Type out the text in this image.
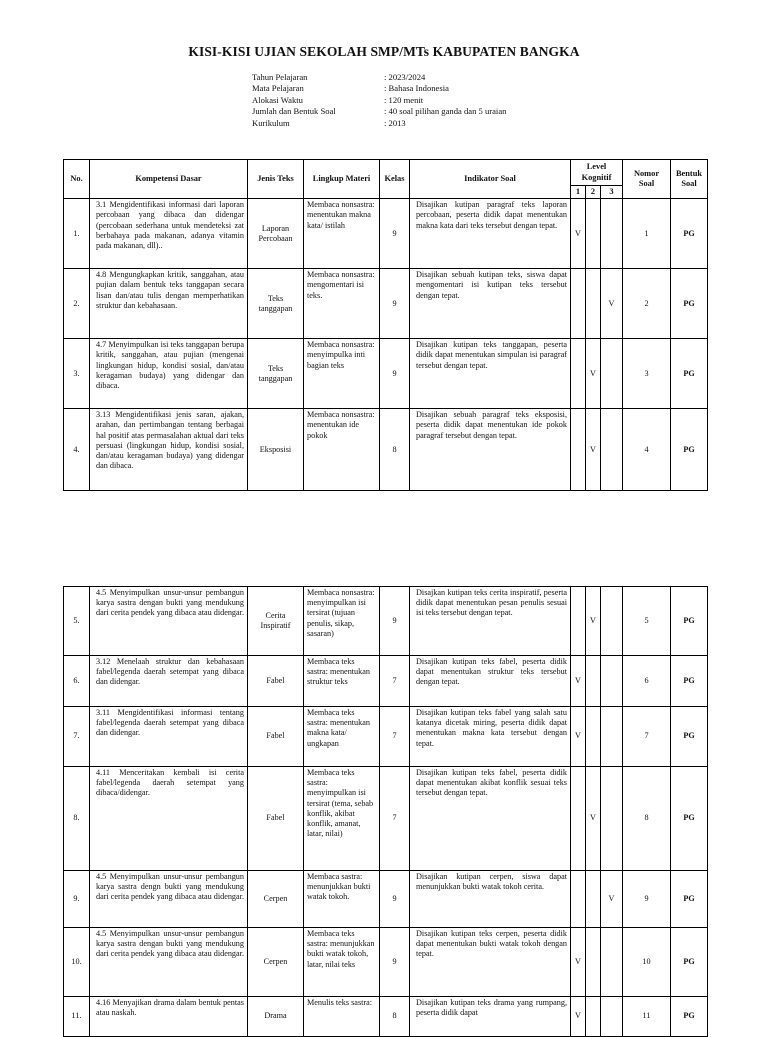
KISI-KISI UJIAN SEKOLAH SMP/MTs KABUPATEN BANGKA
Tahun Pelajaran	: 2023/2024
Mata Pelajaran	: Bahasa Indonesia
Alokasi Waktu	: 120 menit
Jumlah dan Bentuk Soal	: 40 soal pilihan ganda dan 5 uraian
Kurikulum	: 2013
No.	Kompetensi Dasar	Jenis Teks	Lingkup Materi	Kelas	Indikator Soal	Level Kognitif			Nomor Soal	Bentuk Soal
						1	2	3		
1.	3.1 Mengidentifikasi informasi dari laporan percobaan yang dibaca dan didengar (percobaan sederhana untuk mendeteksi zat berbahaya pada makanan, adanya vitamin pada makanan, dll)..	Laporan Percobaan	Membaca nonsastra: menentukan makna kata/ istilah	9	Disajikan kutipan paragraf teks laporan percobaan, peserta didik dapat menentukan makna kata dari teks tersebut dengan tepat.	V			1	PG
2.	4.8 Mengungkapkan kritik, sanggahan, atau pujian dalam bentuk teks tanggapan secara lisan dan/atau tulis dengan memperhatikan struktur dan kebahasaan.	Teks tanggapan	Membaca nonsastra: mengomentari isi teks.	9	Disajikan sebuah kutipan teks, siswa dapat mengomentari isi kutipan teks tersebut dengan tepat.			V	2	PG
3.	4.7 Menyimpulkan isi teks tanggapan berupa kritik, sanggahan, atau pujian (mengenai lingkungan hidup, kondisi sosial, dan/atau keragaman budaya) yang didengar dan dibaca.	Teks tanggapan	Membaca nonsastra: menyimpulka inti bagian teks	9	Disajikan kutipan teks tanggapan, peserta didik dapat menentukan simpulan isi paragraf tersebut dengan tepat.		V		3	PG
4.	3.13 Mengidentifikasi jenis saran, ajakan, arahan, dan pertimbangan tentang berbagai hal positif atas permasalahan aktual dari teks persuasi (lingkungan hidup, kondisi sosial, dan/atau keragaman budaya) yang didengar dan dibaca.	Eksposisi	Membaca nonsastra: menentukan ide pokok	8	Disajikan sebuah paragraf teks eksposisi, peserta didik dapat menentukan ide pokok paragraf tersebut dengan tepat.		V		4	PG
5.	4.5 Menyimpulkan unsur-unsur pembangun karya sastra dengan bukti yang mendukung dari cerita pendek yang dibaca atau didengar.	Cerita Inspiratif	Membaca nonsastra: menyimpulkan isi tersirat (tujuan penulis, sikap, sasaran)	9	Disajkan kutipan teks cerita inspiratif, peserta didik dapat menentukan pesan penulis sesuai isi teks tersebut dengan tepat.		V		5	PG
6.	3.12 Menelaah struktur dan kebahasaan fabel/legenda daerah setempat yang dibaca dan didengar.	Fabel	Membaca teks sastra: menentukan struktur teks	7	Disajikan kutipan teks fabel, peserta didik dapat menentukan struktur teks tersebut dengan tepat.	V			6	PG
7.	3.11 Mengidentifikasi informasi tentang fabel/legenda daerah setempat yang dibaca dan didengar.	Fabel	Membaca teks sastra: menentukan makna kata/ ungkapan	7	Disajikan kutipan teks fabel yang salah satu katanya dicetak miring, peserta didik dapat menentukan makna kata tersebut dengan tepat.	V			7	PG
8.	4.11 Menceritakan kembali isi cerita fabel/legenda daerah setempat yang dibaca/didengar.	Fabel	Membaca teks sastra: menyimpulkan isi tersirat (tema, sebab konflik, akibat konflik, amanat, latar, nilai)	7	Disajikan kutipan teks fabel, peserta didik dapat menentukan akibat konflik sesuai teks tersebut dengan tepat.		V		8	PG
9.	4.5 Menyimpulkan unsur-unsur pembangun karya sastra dengn bukti yang mendukung dari cerita pendek yang dibaca atau didengar.	Cerpen	Membaca sastra: menunjukkan bukti watak tokoh.	9	Disajikan kutipan cerpen, siswa dapat menunjukkan bukti watak tokoh cerita.			V	9	PG
10.	4.5 Menyimpulkan unsur-unsur pembangun karya sastra dengan bukti yang mendukung dari cerita pendek yang dibaca atau didengar.	Cerpen	Membaca teks sastra: menunjukkan bukti watak tokoh, latar, nilai teks	9	Disajikan kutipan teks cerpen, peserta didik dapat menentukan bukti watak tokoh dengan tepat.	V			10	PG
11.	4.16 Menyajikan drama dalam bentuk pentas atau naskah.	Drama	Menulis teks sastra:	8	Disajikan kutipan teks drama yang rumpang, peserta didik dapat	V			11	PG
